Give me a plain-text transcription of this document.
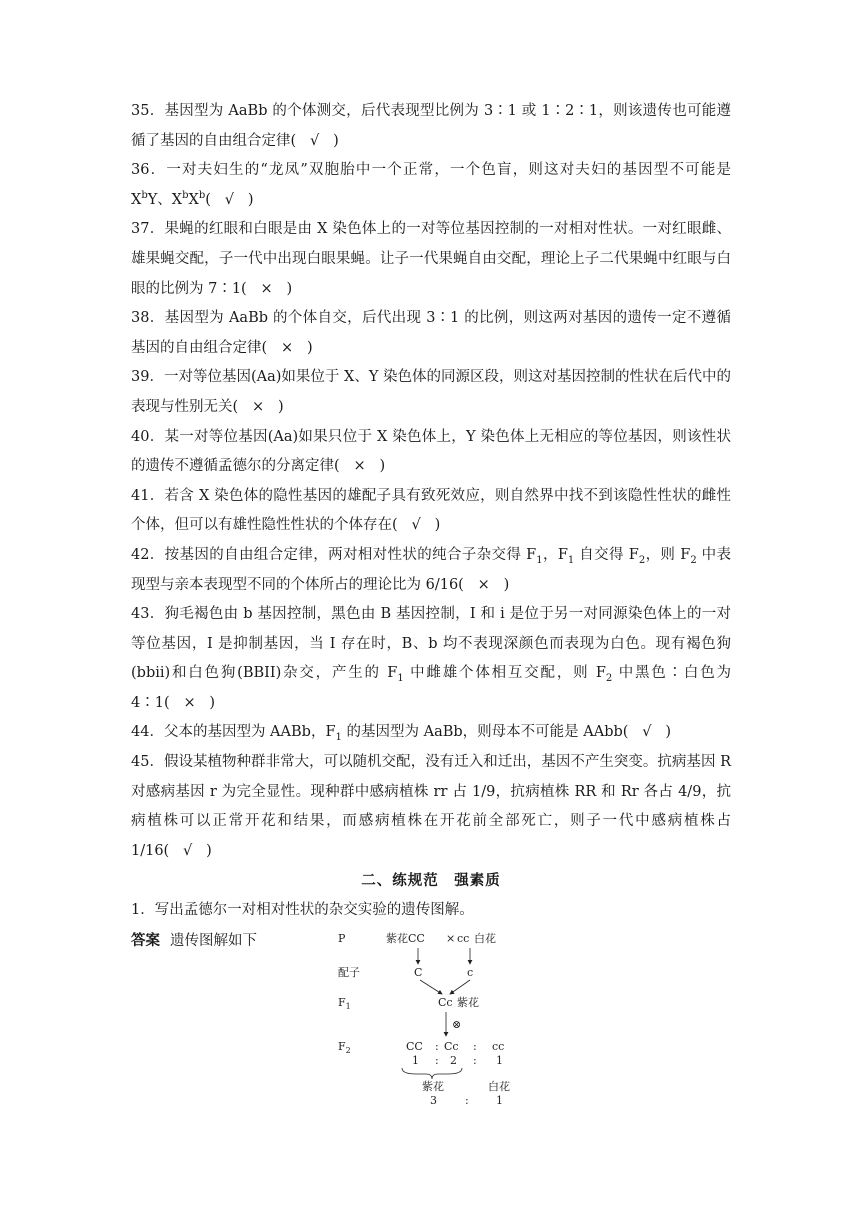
35．基因型为 AaBb 的个体测交，后代表现型比例为 3∶1 或 1∶2∶1，则该遗传也可能遵循了基因的自由组合定律( √ )

36．一对夫妇生的“龙凤”双胞胎中一个正常，一个色盲，则这对夫妇的基因型不可能是 $X^bY$、$X^bX^b$(   √   )

37．果蝇的红眼和白眼是由 X 染色体上的一对等位基因控制的一对相对性状。一对红眼雌、雄果蝇交配，子一代中出现白眼果蝇。让子一代果蝇自由交配，理论上子二代果蝇中红眼与白眼的比例为 7∶1( × )

38．基因型为 AaBb 的个体自交，后代出现 3∶1 的比例，则这两对基因的遗传一定不遵循基因的自由组合定律( × )

39．一对等位基因(Aa)如果位于 X、Y 染色体的同源区段，则这对基因控制的性状在后代中的表现与性别无关( × )

40．某一对等位基因(Aa)如果只位于 X 染色体上，Y 染色体上无相应的等位基因，则该性状的遗传不遵循孟德尔的分离定律( × )

41．若含 X 染色体的隐性基因的雄配子具有致死效应，则自然界中找不到该隐性性状的雌性个体，但可以有雄性隐性性状的个体存在( √ )

42．按基因的自由组合定律，两对相对性状的纯合子杂交得 $F_1$，$F_1$ 自交得 $F_2$，则 $F_2$ 中表现型与亲本表现型不同的个体所占的理论比为 6/16( ×   )

43．狗毛褐色由 b 基因控制，黑色由 B 基因控制，I 和 i 是位于另一对同源染色体上的一对等位基因，I 是抑制基因，当 I 存在时，B、b 均不表现深颜色而表现为白色。现有褐色狗(bbii)和白色狗(BBII)杂交，产生的 $F_1$ 中雌雄个体相互交配，则 $F_2$ 中黑色∶白色为 4∶1( ×   )

44．父本的基因型为 AABb，$F_1$ 的基因型为 AaBb，则母本不可能是 AAbb( √   )

45．假设某植物种群非常大，可以随机交配，没有迁入和迁出，基因不产生突变。抗病基因 R 对感病基因 r 为完全显性。现种群中感病植株 rr 占 1/9，抗病植株 RR 和 Rr 各占 4/9，抗病植株可以正常开花和结果，而感病植株在开花前全部死亡，则子一代中感病植株占 1/16( √ )

二、练规范　强素质

1．写出孟德尔一对相对性状的杂交实验的遗传图解。

答案 遗传图解如下	P
配子
$F_1$
$F_2$
紫花CC × cc 白花
C	c
Cc 紫花
⊗
CC : Cc : cc
1 : 2 : 1
紫花	白花
3	: 1
